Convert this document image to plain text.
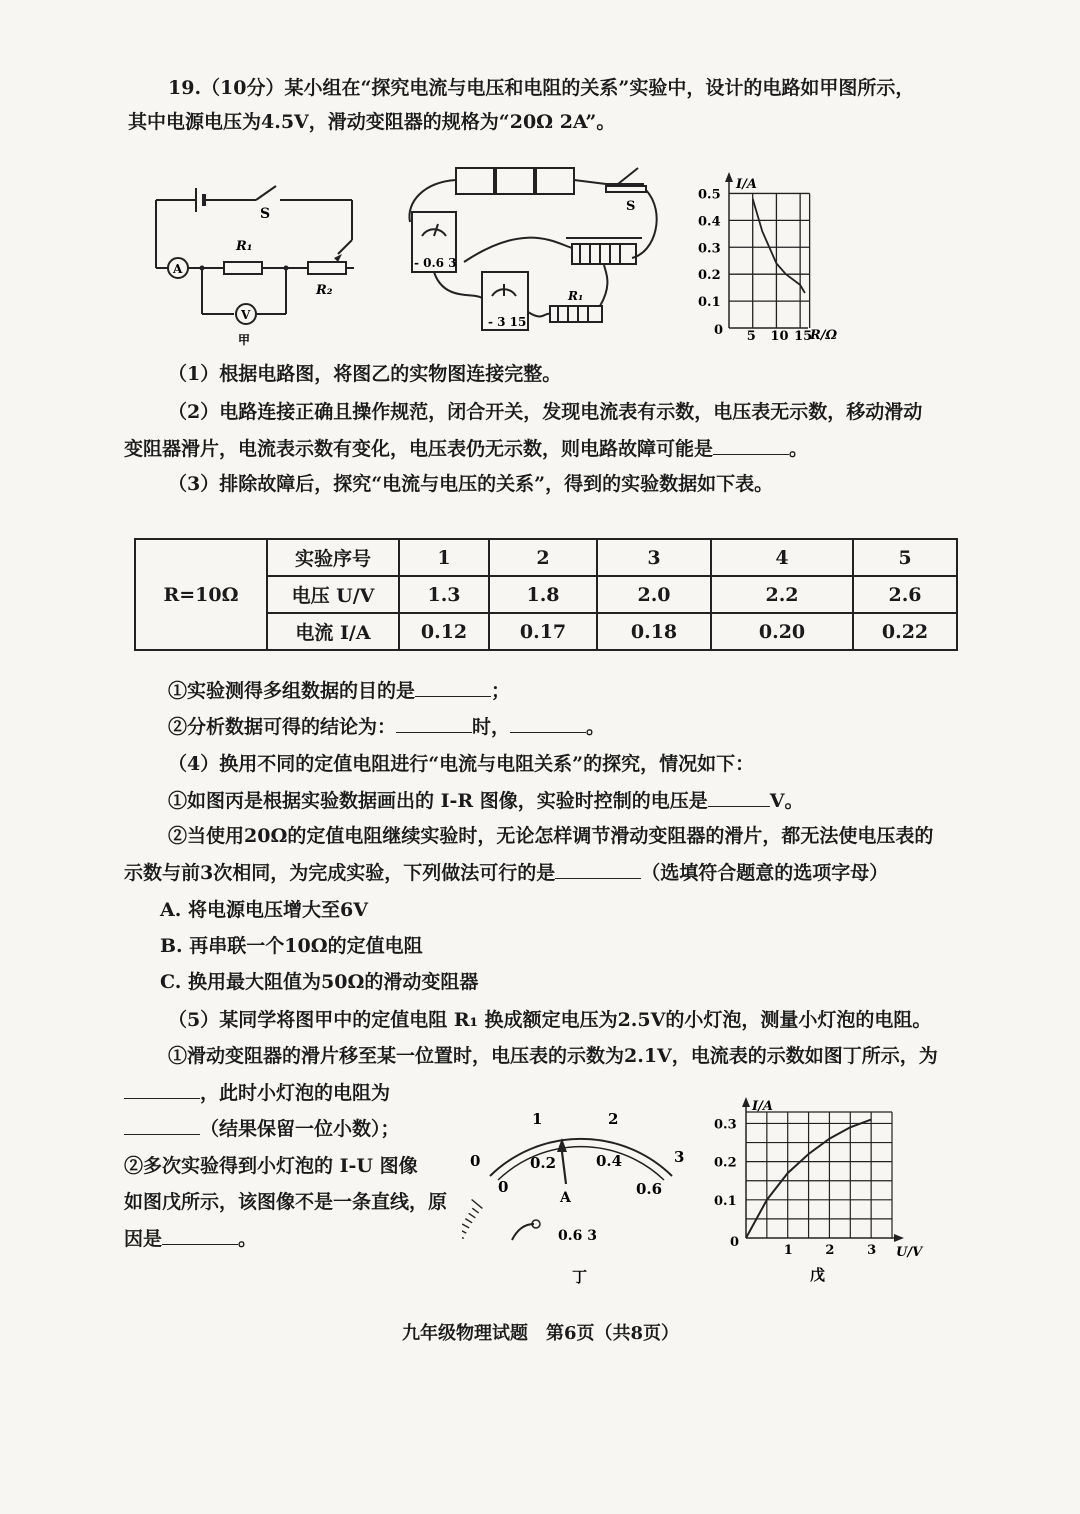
19.（10分）某小组在“探究电流与电压和电阻的关系”实验中，设计的电路如甲图所示，
其中电源电压为4.5V，滑动变阻器的规格为“20Ω 2A”。
S
R₁
R₂
A
V
甲
- 0.6 3
- 3 15
S
R₁
0.5
0.4
0.3
0.2
0.1
5 10 15
I/A
0	R/Ω
（1）根据电路图，将图乙的实物图连接完整。
（2）电路连接正确且操作规范，闭合开关，发现电流表有示数，电压表无示数，移动滑动
变阻器滑片，电流表示数有变化，电压表仍无示数，则电路故障可能是	。
（3）排除故障后，探究“电流与电压的关系”，得到的实验数据如下表。
R=10Ω	实验序号	1	2	3	4	5
	电压 U/V	1.3	1.8	2.0	2.2	2.6
	电流 I/A	0.12	0.17	0.18	0.20	0.22
①实验测得多组数据的目的是	；
②分析数据可得的结论为：	时，	。
（4）换用不同的定值电阻进行“电流与电阻关系”的探究，情况如下：
①如图丙是根据实验数据画出的 I-R 图像，实验时控制的电压是	V。
②当使用20Ω的定值电阻继续实验时，无论怎样调节滑动变阻器的滑片，都无法使电压表的
示数与前3次相同，为完成实验，下列做法可行的是	（选填符合题意的选项字母）
A. 将电源电压增大至6V
B. 再串联一个10Ω的定值电阻
C. 换用最大阻值为50Ω的滑动变阻器
（5）某同学将图甲中的定值电阻 R₁ 换成额定电压为2.5V的小灯泡，测量小灯泡的电阻。
①滑动变阻器的滑片移至某一位置时，电压表的示数为2.1V，电流表的示数如图丁所示，为
，此时小灯泡的电阻为
（结果保留一位小数）；
②多次实验得到小灯泡的 I-U 图像
如图戊所示，该图像不是一条直线，原
因是	。
1	2
0	3
0
0.2	0.4
0.6
A
0.6 3
丁
0.3
0.2
0.1
1	2	3
I/A
0
U/V
戊
九年级物理试题　第6页（共8页）
